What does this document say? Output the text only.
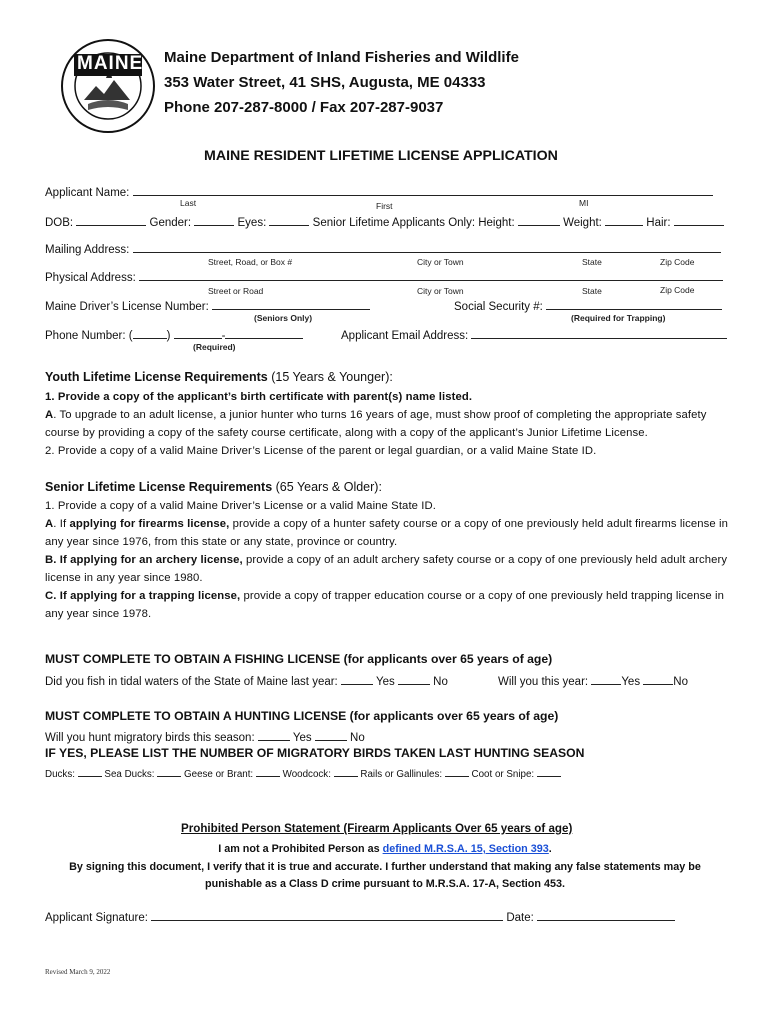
MAINE Maine Department of Inland Fisheries and Wildlife
353 Water Street, 41 SHS, Augusta, ME 04333
Phone 207-287-8000 / Fax 207-287-9037
MAINE RESIDENT LIFETIME LICENSE APPLICATION
Applicant Name:
Last	First	MI
DOB:	Gender:	Eyes:	Senior Lifetime Applicants Only: Height:	Weight:	Hair:
Mailing Address:
Street, Road, or Box #	City or Town	State	Zip Code
Physical Address:
Street or Road	City or Town	State	Zip Code
Maine Driver’s License Number:	Social Security #:
(Seniors Only)	(Required for Trapping)
Phone Number: (	)	-	Applicant Email Address:
(Required)
Youth Lifetime License Requirements (15 Years & Younger):
1. Provide a copy of the applicant’s birth certificate with parent(s) name listed.
A. To upgrade to an adult license, a junior hunter who turns 16 years of age, must show proof of completing the appropriate safety
course by providing a copy of the safety course certificate, along with a copy of the applicant’s Junior Lifetime License.
2. Provide a copy of a valid Maine Driver’s License of the parent or legal guardian, or a valid Maine State ID.
Senior Lifetime License Requirements (65 Years & Older):
1. Provide a copy of a valid Maine Driver’s License or a valid Maine State ID.
A. If applying for firearms license, provide a copy of a hunter safety course or a copy of one previously held adult firearms license in
any year since 1976, from this state or any state, province or country.
B. If applying for an archery license, provide a copy of an adult archery safety course or a copy of one previously held adult archery
license in any year since 1980.
C. If applying for a trapping license, provide a copy of trapper education course or a copy of one previously held trapping license in
any year since 1978.
MUST COMPLETE TO OBTAIN A FISHING LICENSE (for applicants over 65 years of age)
Did you fish in tidal waters of the State of Maine last year:	Yes	No	Will you this year:	Yes	No
MUST COMPLETE TO OBTAIN A HUNTING LICENSE (for applicants over 65 years of age)
Will you hunt migratory birds this season:	Yes	No
IF YES, PLEASE LIST THE NUMBER OF MIGRATORY BIRDS TAKEN LAST HUNTING SEASON
Ducks:	Sea Ducks:	Geese or Brant:	Woodcock:	Rails or Gallinules:	Coot or Snipe:
Prohibited Person Statement (Firearm Applicants Over 65 years of age)
I am not a Prohibited Person as defined M.R.S.A. 15, Section 393.
By signing this document, I verify that it is true and accurate. I further understand that making any false statements may be
punishable as a Class D crime pursuant to M.R.S.A. 17-A, Section 453.
Applicant Signature:	Date:
Revised March 9, 2022
